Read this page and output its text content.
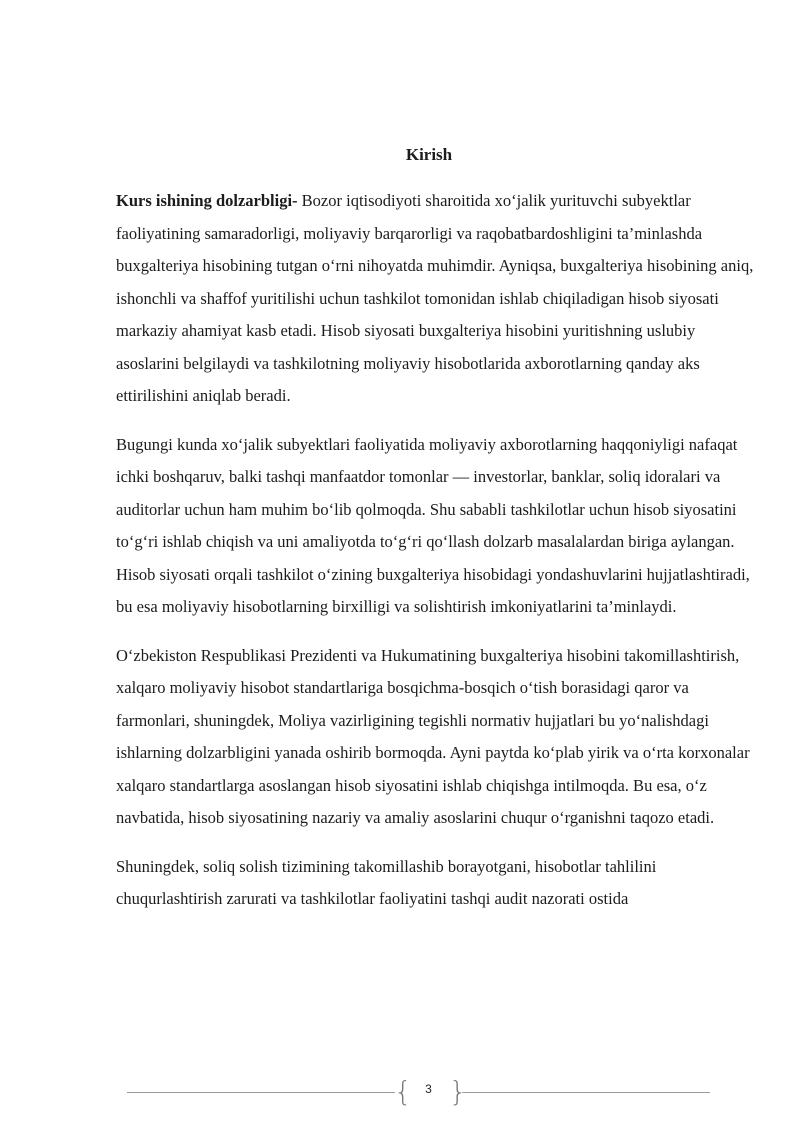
Kirish

Kurs ishining dolzarbligi- Bozor iqtisodiyoti sharoitida xo‘jalik yurituvchi subyektlar faoliyatining samaradorligi, moliyaviy barqarorligi va raqobatbardoshligini ta’minlashda buxgalteriya hisobining tutgan o‘rni nihoyatda muhimdir. Ayniqsa, buxgalteriya hisobining aniq, ishonchli va shaffof yuritilishi uchun tashkilot tomonidan ishlab chiqiladigan hisob siyosati markaziy ahamiyat kasb etadi. Hisob siyosati buxgalteriya hisobini yuritishning uslubiy asoslarini belgilaydi va tashkilotning moliyaviy hisobotlarida axborotlarning qanday aks ettirilishini aniqlab beradi.

Bugungi kunda xo‘jalik subyektlari faoliyatida moliyaviy axborotlarning haqqoniyligi nafaqat ichki boshqaruv, balki tashqi manfaatdor tomonlar — investorlar, banklar, soliq idoralari va auditorlar uchun ham muhim bo‘lib qolmoqda. Shu sababli tashkilotlar uchun hisob siyosatini to‘g‘ri ishlab chiqish va uni amaliyotda to‘g‘ri qo‘llash dolzarb masalalardan biriga aylangan. Hisob siyosati orqali tashkilot o‘zining buxgalteriya hisobidagi yondashuvlarini hujjatlashtiradi, bu esa moliyaviy hisobotlarning birxilligi va solishtirish imkoniyatlarini ta’minlaydi.

O‘zbekiston Respublikasi Prezidenti va Hukumatining buxgalteriya hisobini takomillashtirish, xalqaro moliyaviy hisobot standartlariga bosqichma-bosqich o‘tish borasidagi qaror va farmonlari, shuningdek, Moliya vazirligining tegishli normativ hujjatlari bu yo‘nalishdagi ishlarning dolzarbligini yanada oshirib bormoqda. Ayni paytda ko‘plab yirik va o‘rta korxonalar xalqaro standartlarga asoslangan hisob siyosatini ishlab chiqishga intilmoqda. Bu esa, o‘z navbatida, hisob siyosatining nazariy va amaliy asoslarini chuqur o‘rganishni taqozo etadi.

Shuningdek, soliq solish tizimining takomillashib borayotgani, hisobotlar tahlilini chuqurlashtirish zarurati va tashkilotlar faoliyatini tashqi audit nazorati ostida

{ }
3
